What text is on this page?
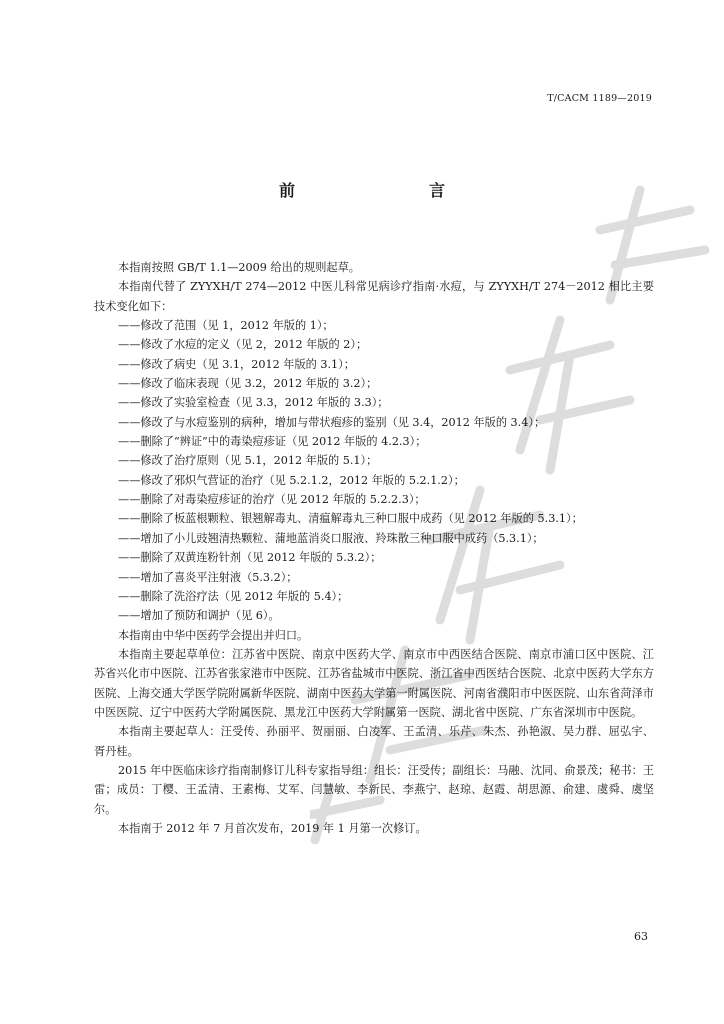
T/CACM 1189—2019
前　　言

本指南按照 GB/T 1.1—2009 给出的规则起草。

本指南代替了 ZYYXH/T 274—2012 中医儿科常见病诊疗指南·水痘，与 ZYYXH/T 274－2012 相比主要技术变化如下：

——修改了范围（见 1，2012 年版的 1）；

——修改了水痘的定义（见 2，2012 年版的 2）；

——修改了病史（见 3.1，2012 年版的 3.1）；

——修改了临床表现（见 3.2，2012 年版的 3.2）；

——修改了实验室检查（见 3.3，2012 年版的 3.3）；

——修改了与水痘鉴别的病种，增加与带状疱疹的鉴别（见 3.4，2012 年版的 3.4）；

——删除了“辨证”中的毒染痘疹证（见 2012 年版的 4.2.3）；

——修改了治疗原则（见 5.1，2012 年版的 5.1）；

——修改了邪炽气营证的治疗（见 5.2.1.2，2012 年版的 5.2.1.2）；

——删除了对毒染痘疹证的治疗（见 2012 年版的 5.2.2.3）；

——删除了板蓝根颗粒、银翘解毒丸、清瘟解毒丸三种口服中成药（见 2012 年版的 5.3.1）；

——增加了小儿豉翘清热颗粒、蒲地蓝消炎口服液、羚珠散三种口服中成药（5.3.1）；

——删除了双黄连粉针剂（见 2012 年版的 5.3.2）；

——增加了喜炎平注射液（5.3.2）；

——删除了洗浴疗法（见 2012 年版的 5.4）；

——增加了预防和调护（见 6）。

本指南由中华中医药学会提出并归口。

本指南主要起草单位：江苏省中医院、南京中医药大学、南京市中西医结合医院、南京市浦口区中医院、江苏省兴化市中医院、江苏省张家港市中医院、江苏省盐城市中医院、浙江省中西医结合医院、北京中医药大学东方医院、上海交通大学医学院附属新华医院、湖南中医药大学第一附属医院、河南省濮阳市中医医院、山东省菏泽市中医医院、辽宁中医药大学附属医院、黑龙江中医药大学附属第一医院、湖北省中医院、广东省深圳市中医院。

本指南主要起草人：汪受传、孙丽平、贺丽丽、白凌军、王孟清、乐芹、朱杰、孙艳淑、吴力群、屈弘宇、胥丹桂。

2015 年中医临床诊疗指南制修订儿科专家指导组：组长：汪受传；副组长：马融、沈同、俞景茂；秘书：王雷；成员：丁樱、王孟清、王素梅、艾军、闫慧敏、李新民、李燕宁、赵琼、赵霞、胡思源、俞建、虞舜、虞坚尔。

本指南于 2012 年 7 月首次发布，2019 年 1 月第一次修订。

63
